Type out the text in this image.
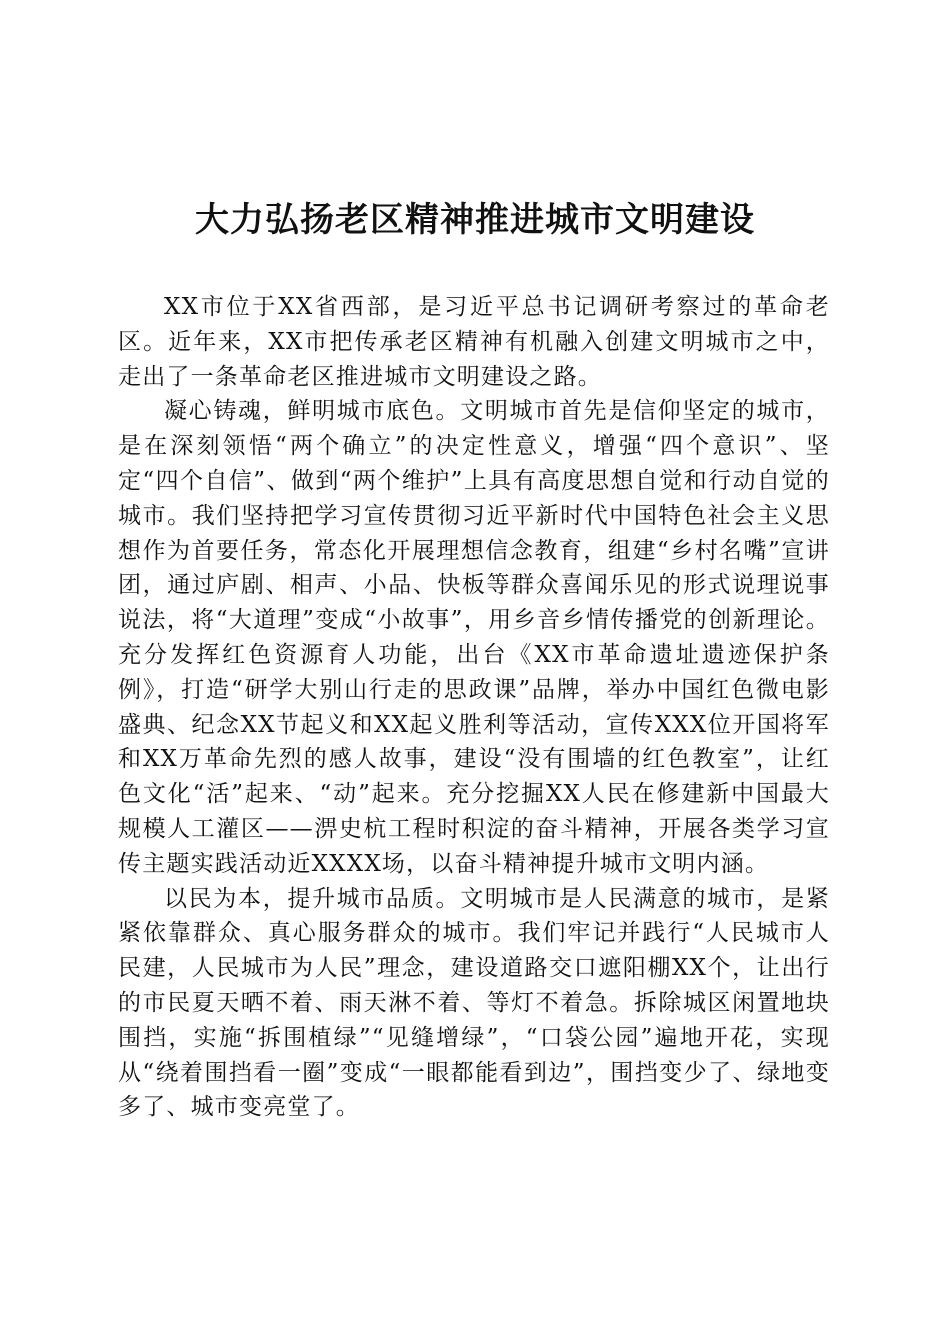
大力弘扬老区精神推进城市文明建设

XX市位于XX省西部，是习近平总书记调研考察过的革命老区。近年来，XX市把传承老区精神有机融入创建文明城市之中，走出了一条革命老区推进城市文明建设之路。

凝心铸魂，鲜明城市底色。文明城市首先是信仰坚定的城市，是在深刻领悟“两个确立”的决定性意义，增强“四个意识”、坚定“四个自信”、做到“两个维护”上具有高度思想自觉和行动自觉的城市。我们坚持把学习宣传贯彻习近平新时代中国特色社会主义思想作为首要任务，常态化开展理想信念教育，组建“乡村名嘴”宣讲团，通过庐剧、相声、小品、快板等群众喜闻乐见的形式说理说事说法，将“大道理”变成“小故事”，用乡音乡情传播党的创新理论。充分发挥红色资源育人功能，出台《XX市革命遗址遗迹保护条例》，打造“研学大别山行走的思政课”品牌，举办中国红色微电影盛典、纪念XX节起义和XX起义胜利等活动，宣传XXX位开国将军和XX万革命先烈的感人故事，建设“没有围墙的红色教室”，让红色文化“活”起来、“动”起来。充分挖掘XX人民在修建新中国最大规模人工灌区——淠史杭工程时积淀的奋斗精神，开展各类学习宣传主题实践活动近XXXX场，以奋斗精神提升城市文明内涵。

以民为本，提升城市品质。文明城市是人民满意的城市，是紧紧依靠群众、真心服务群众的城市。我们牢记并践行“人民城市人民建，人民城市为人民”理念，建设道路交口遮阳棚XX个，让出行的市民夏天晒不着、雨天淋不着、等灯不着急。拆除城区闲置地块围挡，实施“拆围植绿”“见缝增绿”，“口袋公园”遍地开花，实现从“绕着围挡看一圈”变成“一眼都能看到边”，围挡变少了、绿地变多了、城市变亮堂了。
